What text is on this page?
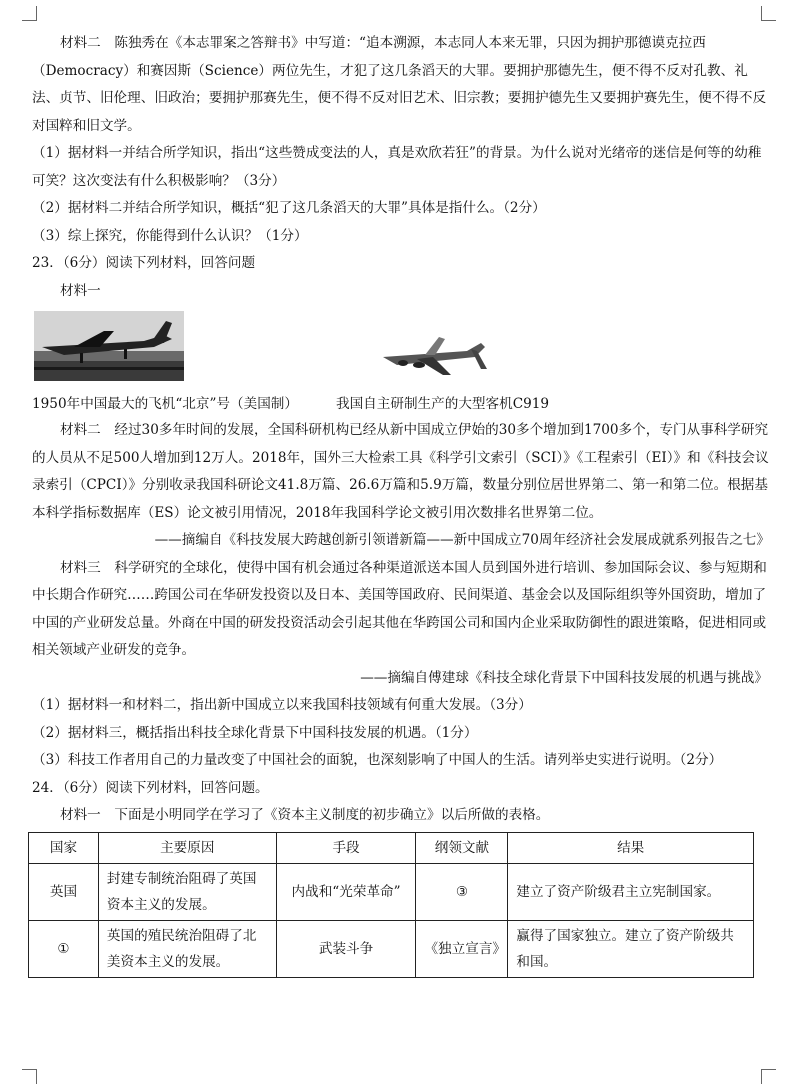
材料二　陈独秀在《本志罪案之答辩书》中写道：“追本溯源，本志同人本来无罪，只因为拥护那德谟克拉西（Democracy）和赛因斯（Science）两位先生，才犯了这几条滔天的大罪。要拥护那德先生，便不得不反对孔教、礼法、贞节、旧伦理、旧政治；要拥护那赛先生，便不得不反对旧艺术、旧宗教；要拥护德先生又要拥护赛先生，便不得不反对国粹和旧文学。

（1）据材料一并结合所学知识，指出“这些赞成变法的人，真是欢欣若狂”的背景。为什么说对光绪帝的迷信是何等的幼稚可笑？这次变法有什么积极影响？（3分）

（2）据材料二并结合所学知识，概括“犯了这几条滔天的大罪”具体是指什么。（2分）

（3）综上探究，你能得到什么认识？（1分）

23．（6分）阅读下列材料，回答问题

材料一

1950年中国最大的飞机“北京”号（美国制）	我国自主研制生产的大型客机C919

材料二　经过30多年时间的发展，全国科研机构已经从新中国成立伊始的30多个增加到1700多个，专门从事科学研究的人员从不足500人增加到12万人。2018年，国外三大检索工具《科学引文索引（SCI）》《工程索引（EI）》和《科技会议录索引（CPCI）》分别收录我国科研论文41.8万篇、26.6万篇和5.9万篇，数量分别位居世界第二、第一和第二位。根据基本科学指标数据库（ES）论文被引用情况，2018年我国科学论文被引用次数排名世界第二位。

——摘编自《科技发展大跨越创新引领谱新篇——新中国成立70周年经济社会发展成就系列报告之七》

材料三　科学研究的全球化，使得中国有机会通过各种渠道派送本国人员到国外进行培训、参加国际会议、参与短期和中长期合作研究……跨国公司在华研发投资以及日本、美国等国政府、民间渠道、基金会以及国际组织等外国资助，增加了中国的产业研发总量。外商在中国的研发投资活动会引起其他在华跨国公司和国内企业采取防御性的跟进策略，促进相同或相关领域产业研发的竞争。

——摘编自傅建球《科技全球化背景下中国科技发展的机遇与挑战》

（1）据材料一和材料二，指出新中国成立以来我国科技领域有何重大发展。（3分）

（2）据材料三，概括指出科技全球化背景下中国科技发展的机遇。（1分）

（3）科技工作者用自己的力量改变了中国社会的面貌，也深刻影响了中国人的生活。请列举史实进行说明。（2分）

24．（6分）阅读下列材料，回答问题。

材料一　下面是小明同学在学习了《资本主义制度的初步确立》以后所做的表格。

国家	主要原因	手段	纲领文献	结果
英国	封建专制统治阻碍了英国资本主义的发展。	内战和“光荣革命”	③	建立了资产阶级君主立宪制国家。
①	英国的殖民统治阻碍了北美资本主义的发展。	武装斗争	《独立宣言》	赢得了国家独立。建立了资产阶级共和国。
